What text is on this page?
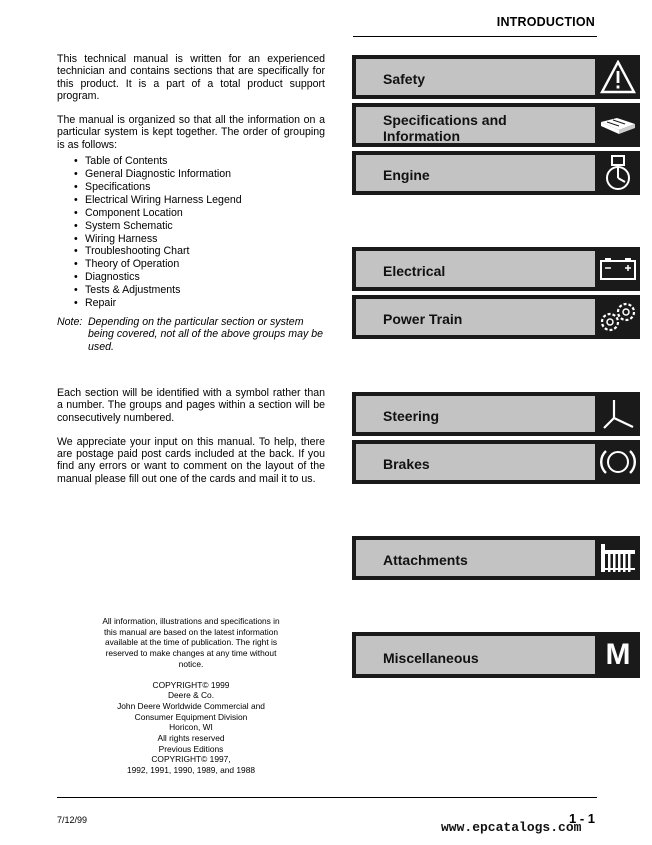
INTRODUCTION

This technical manual is written for an experienced technician and contains sections that are specifically for this product. It is a part of a total product support program.

The manual is organized so that all the information on a particular system is kept together. The order of grouping is as follows:

• Table of Contents
• General Diagnostic Information
• Specifications
• Electrical Wiring Harness Legend
• Component Location
• System Schematic
• Wiring Harness
• Troubleshooting Chart
• Theory of Operation
• Diagnostics
• Tests & Adjustments
• Repair
Note: Depending on the particular section or system being covered, not all of the above groups may be used.

Each section will be identified with a symbol rather than a number. The groups and pages within a section will be consecutively numbered.

We appreciate your input on this manual. To help, there are postage paid post cards included at the back. If you find any errors or want to comment on the layout of the manual please fill out one of the cards and mail it to us.

All information, illustrations and specifications in this manual are based on the latest information available at the time of publication. The right is reserved to make changes at any time without notice.
COPYRIGHT© 1999
Deere & Co.
John Deere Worldwide Commercial and
Consumer Equipment Division
Horicon, WI
All rights reserved
Previous Editions
COPYRIGHT© 1997,
1992, 1991, 1990, 1989, and 1988
Safety
Specifications and Information
Engine
Electrical
Power Train
Steering
Brakes
Attachments
Miscellaneous	M
7/12/99	1 - 1
www.epcatalogs.com
